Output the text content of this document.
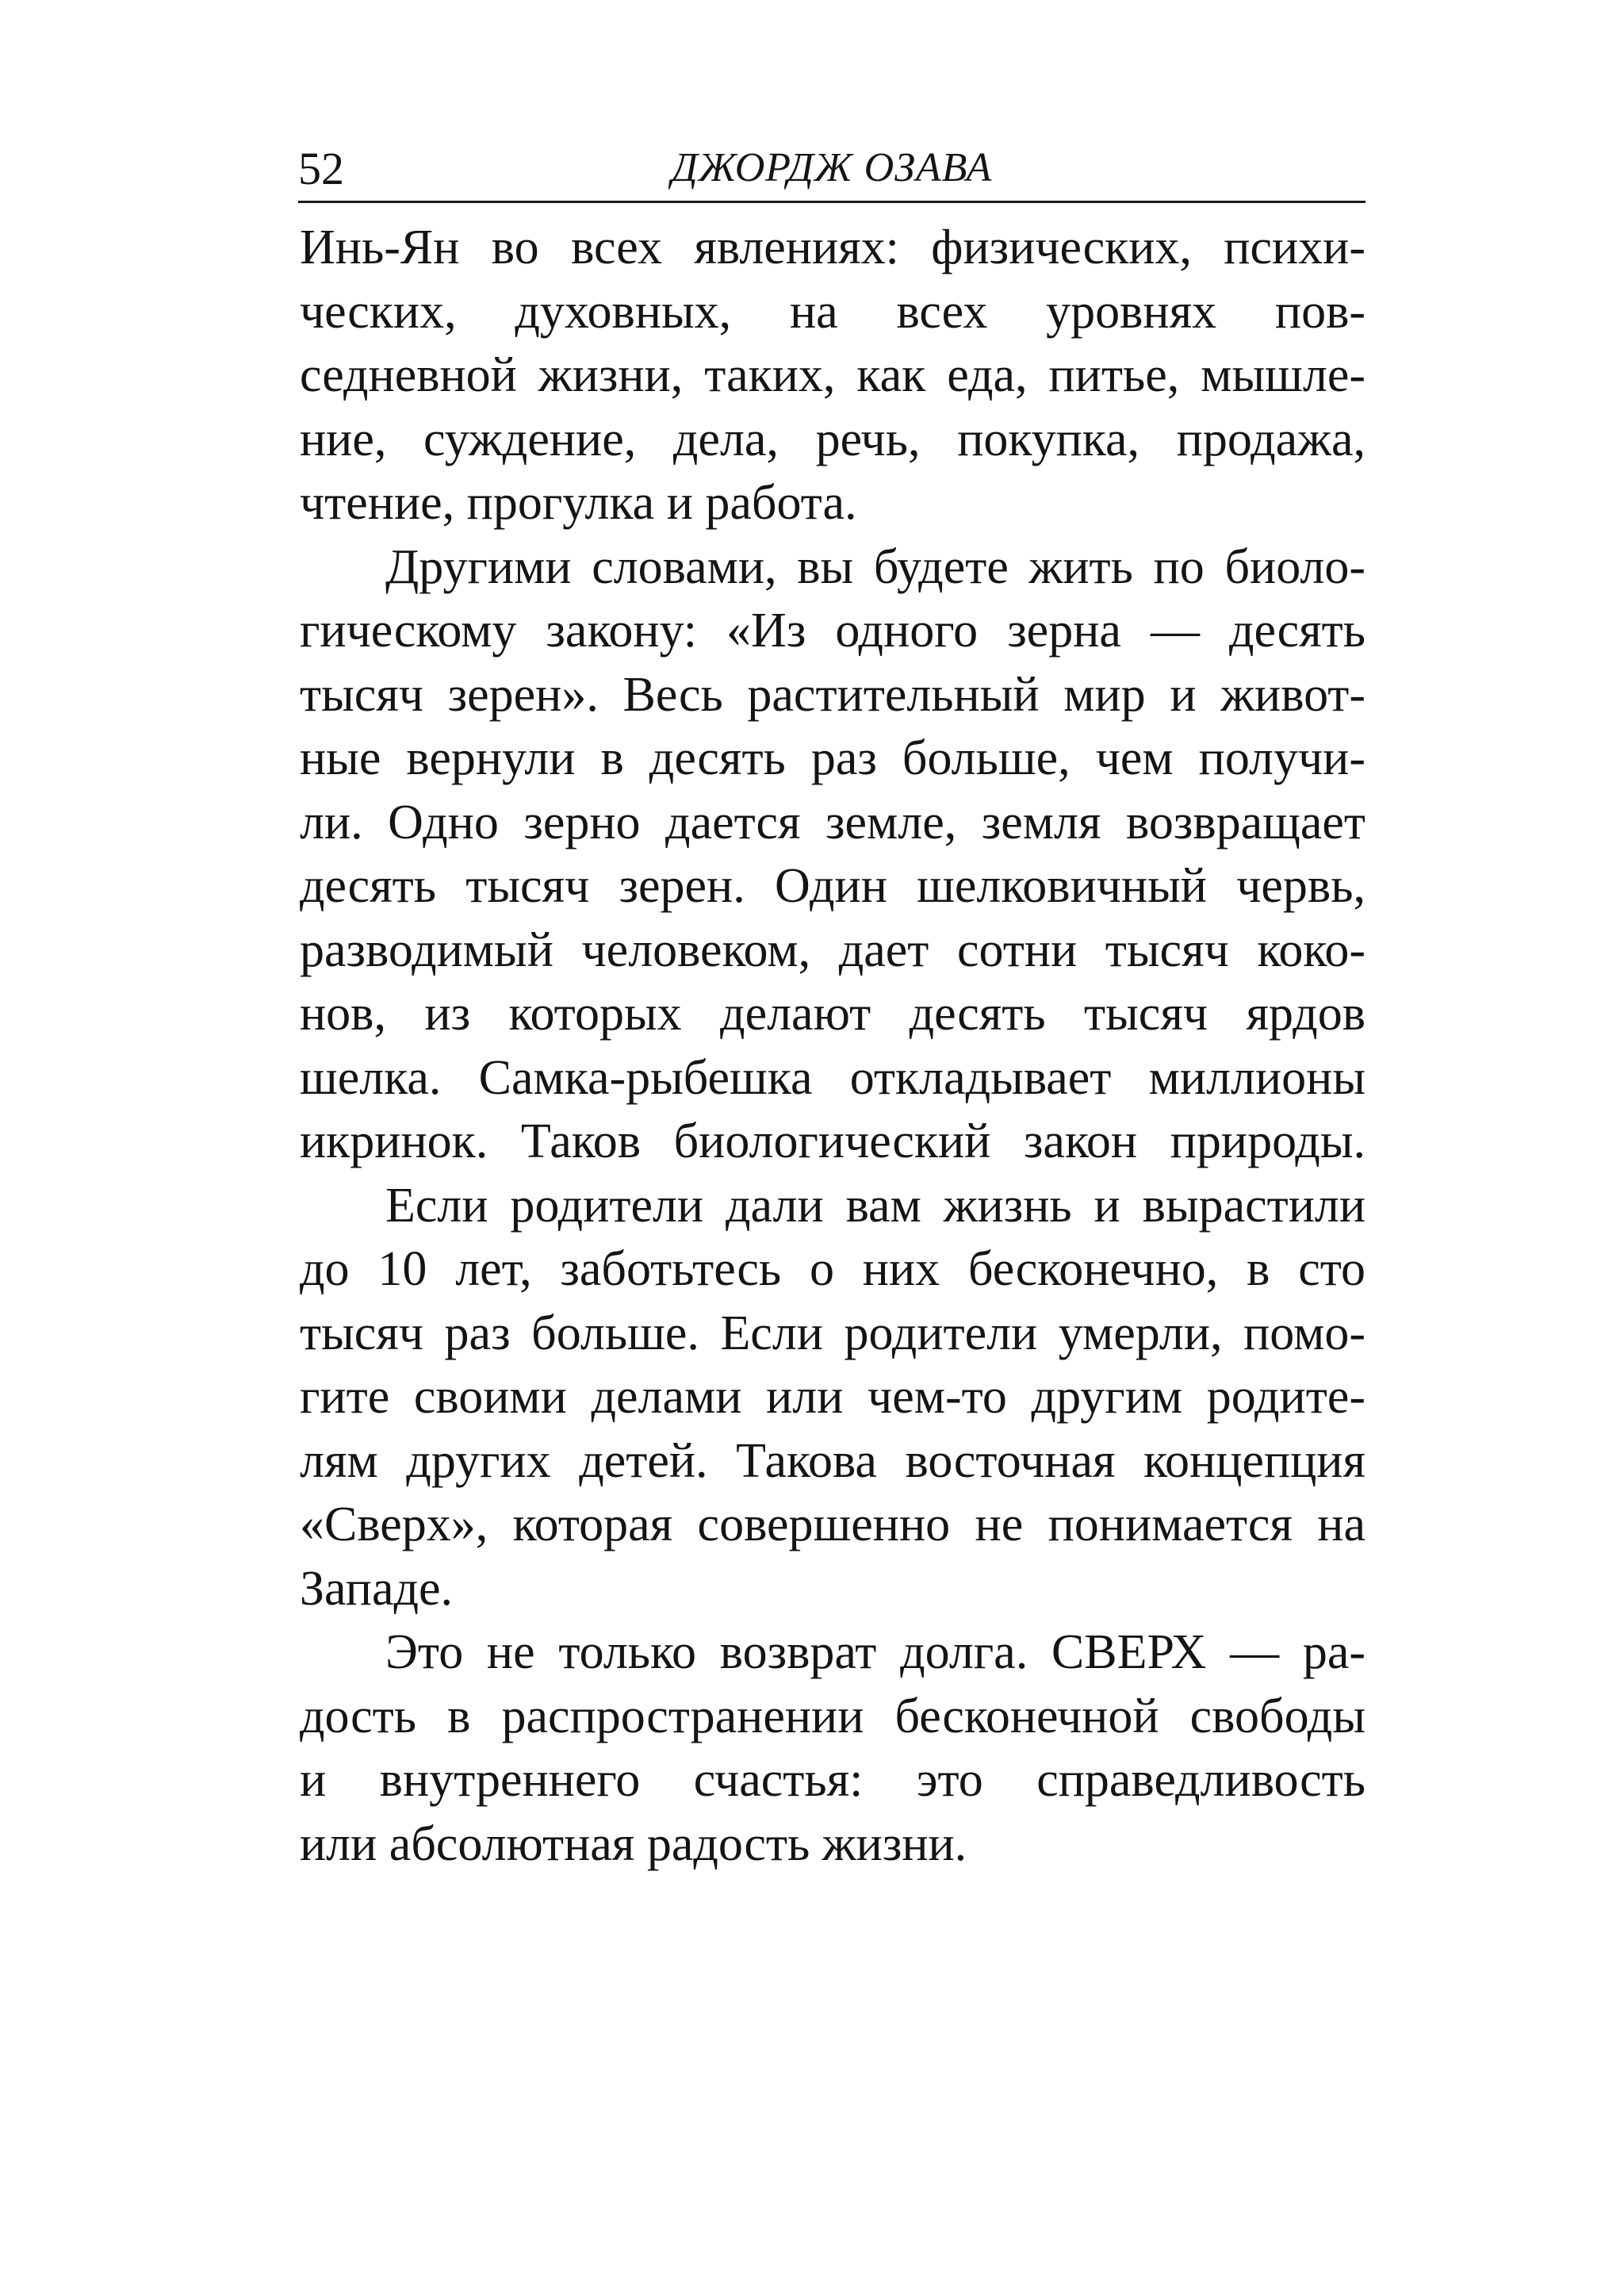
52	ДЖОРДЖ ОЗАВА
Инь-Ян во всех явлениях: физических, психи-
ческих, духовных, на всех уровнях пов-
седневной жизни, таких, как еда, питье, мышле-
ние, суждение, дела, речь, покупка, продажа,
чтение, прогулка и работа.
Другими словами, вы будете жить по биоло-
гическому закону: «Из одного зерна — десять
тысяч зерен». Весь растительный мир и живот-
ные вернули в десять раз больше, чем получи-
ли. Одно зерно дается земле, земля возвращает
десять тысяч зерен. Один шелковичный червь,
разводимый человеком, дает сотни тысяч коко-
нов, из которых делают десять тысяч ярдов
шелка. Самка-рыбешка откладывает миллионы
икринок. Таков биологический закон природы.
Если родители дали вам жизнь и вырастили
до 10 лет, заботьтесь о них бесконечно, в сто
тысяч раз больше. Если родители умерли, помо-
гите своими делами или чем-то другим родите-
лям других детей. Такова восточная концепция
«Сверх», которая совершенно не понимается на
Западе.
Это не только возврат долга. СВЕРХ — ра-
дость в распространении бесконечной свободы
и внутреннего счастья: это справедливость
или абсолютная радость жизни.
